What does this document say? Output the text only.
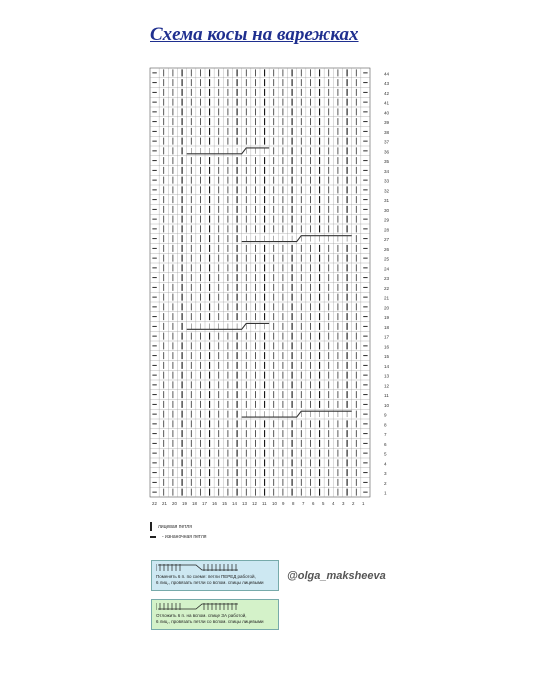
Схема косы на варежках
44
43
42
41
40
39
38
37
36
35
34
33
32
31
30
29
28
27
26
25
24
23
22
21
20
19
18
17
16
15
14
13
12
11
10
9
8
7
6
5
4
3
2
1
22 21 20 19 18 17 16 15 14 13 12 11 10 9 8 7 6 5 4 3 2 1
лицевая петля
- изнаночная петля
Поменять 6 п. по схеме: петли ПЕРЕД работой,
6 лиц., провязать петли со вспом. спицы лицевыми
Отложить 6 п. на вспом. спице ЗА работой,
6 лиц., провязать петли со вспом. спицы лицевыми
@olga_maksheeva
